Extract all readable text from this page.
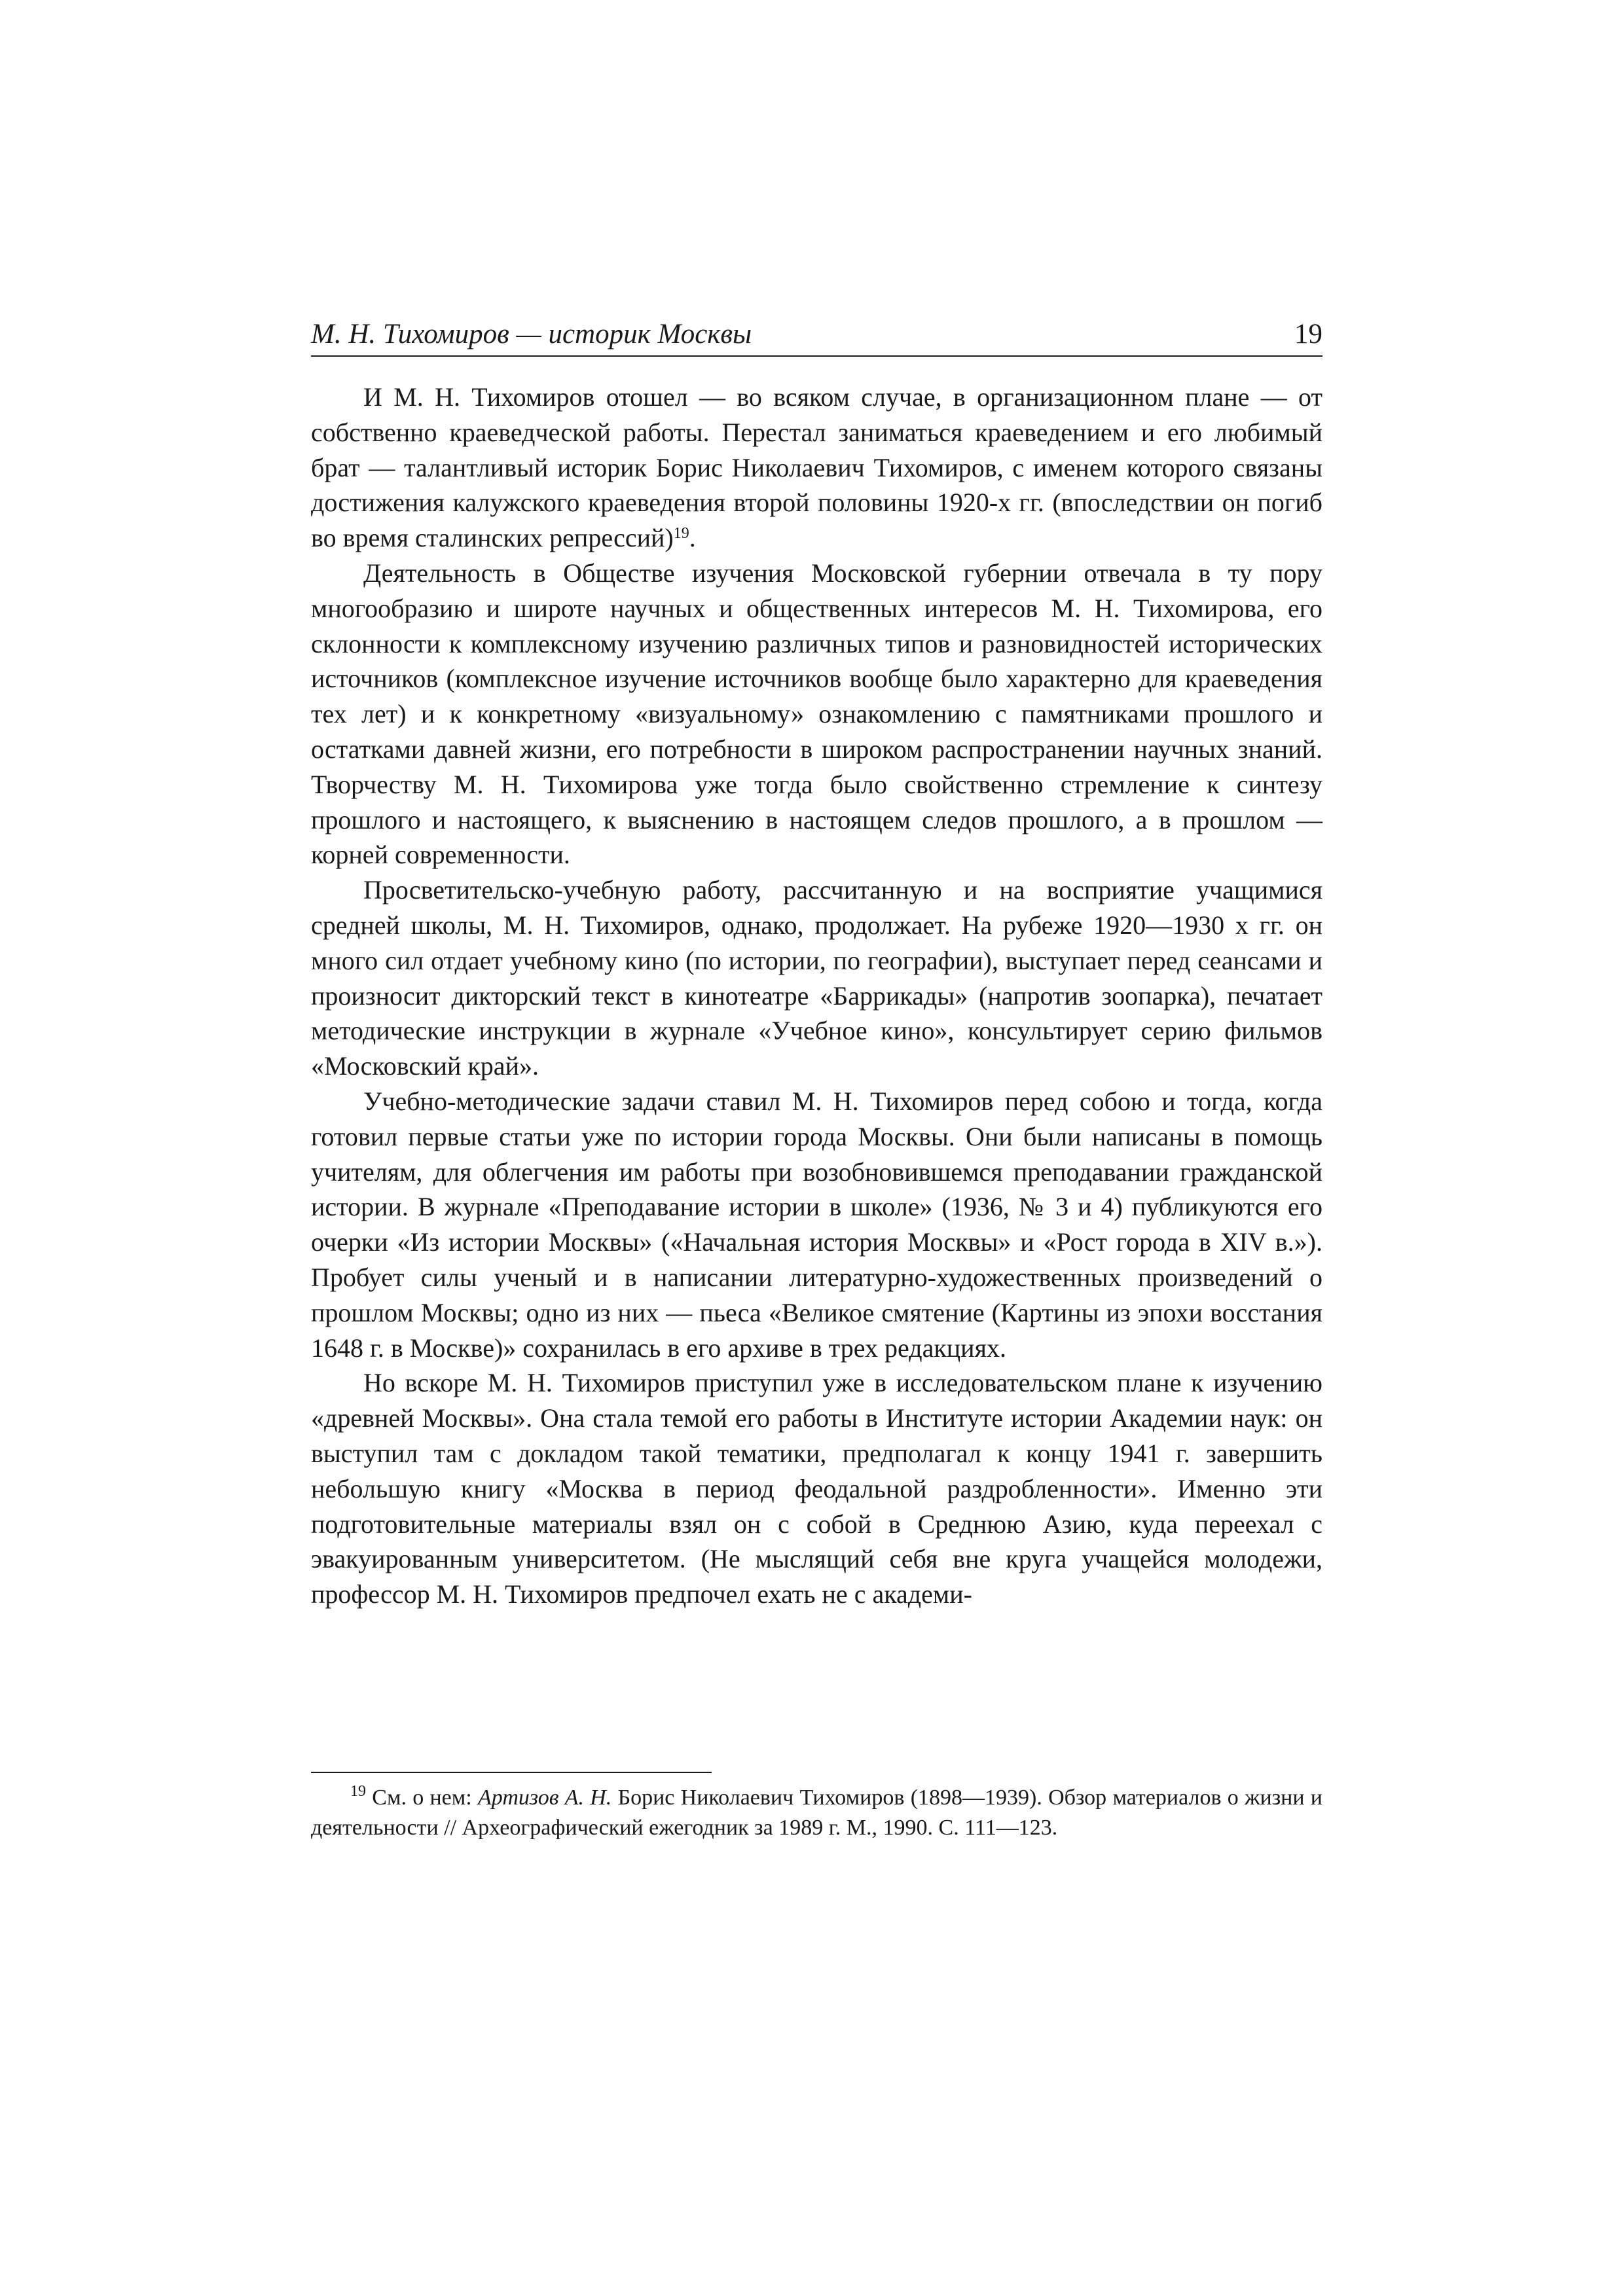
М. Н. Тихомиров — историк Москвы	19

И М. Н. Тихомиров отошел — во всяком случае, в организационном плане — от собственно краеведческой работы. Перестал заниматься краеведением и его любимый брат — талантливый историк Борис Николаевич Тихомиров, с именем которого связаны достижения калужского краеведения второй половины 1920-х гг. (впоследствии он погиб во время сталинских репрессий)$^{19}$.

Деятельность в Обществе изучения Московской губернии отвечала в ту пору многообразию и широте научных и общественных интересов М. Н. Тихомирова, его склонности к комплексному изучению различных типов и разновидностей исторических источников (комплексное изучение источников вообще было характерно для краеведения тех лет) и к конкретному «визуальному» ознакомлению с памятниками прошлого и остатками давней жизни, его потребности в широком распространении научных знаний. Творчеству М. Н. Тихомирова уже тогда было свойственно стремление к синтезу прошлого и настоящего, к выяснению в настоящем следов прошлого, а в прошлом — корней современности.

Просветительско-учебную работу, рассчитанную и на восприятие учащимися средней школы, М. Н. Тихомиров, однако, продолжает. На рубеже 1920—1930 х гг. он много сил отдает учебному кино (по истории, по географии), выступает перед сеансами и произносит дикторский текст в кинотеатре «Баррикады» (напротив зоопарка), печатает методические инструкции в журнале «Учебное кино», консультирует серию фильмов «Московский край».

Учебно-методические задачи ставил М. Н. Тихомиров перед собою и тогда, когда готовил первые статьи уже по истории города Москвы. Они были написаны в помощь учителям, для облегчения им работы при возобновившемся преподавании гражданской истории. В журнале «Преподавание истории в школе» (1936, № 3 и 4) публикуются его очерки «Из истории Москвы» («Начальная история Москвы» и «Рост города в XIV в.»). Пробует силы ученый и в написании литературно-художественных произведений о прошлом Москвы; одно из них — пьеса «Великое смятение (Картины из эпохи восстания 1648 г. в Москве)» сохранилась в его архиве в трех редакциях.

Но вскоре М. Н. Тихомиров приступил уже в исследовательском плане к изучению «древней Москвы». Она стала темой его работы в Институте истории Академии наук: он выступил там с докладом такой тематики, предполагал к концу 1941 г. завершить небольшую книгу «Москва в период феодальной раздробленности». Именно эти подготовительные материалы взял он с собой в Среднюю Азию, куда переехал с эвакуированным университетом. (Не мыслящий себя вне круга учащейся молодежи, профессор М. Н. Тихомиров предпочел ехать не с академи-

$^{19}$ См. о нем: Артизов А. Н. Борис Николаевич Тихомиров (1898—1939). Обзор материалов о жизни и деятельности // Археографический ежегодник за 1989 г. М., 1990. С. 111—123.
